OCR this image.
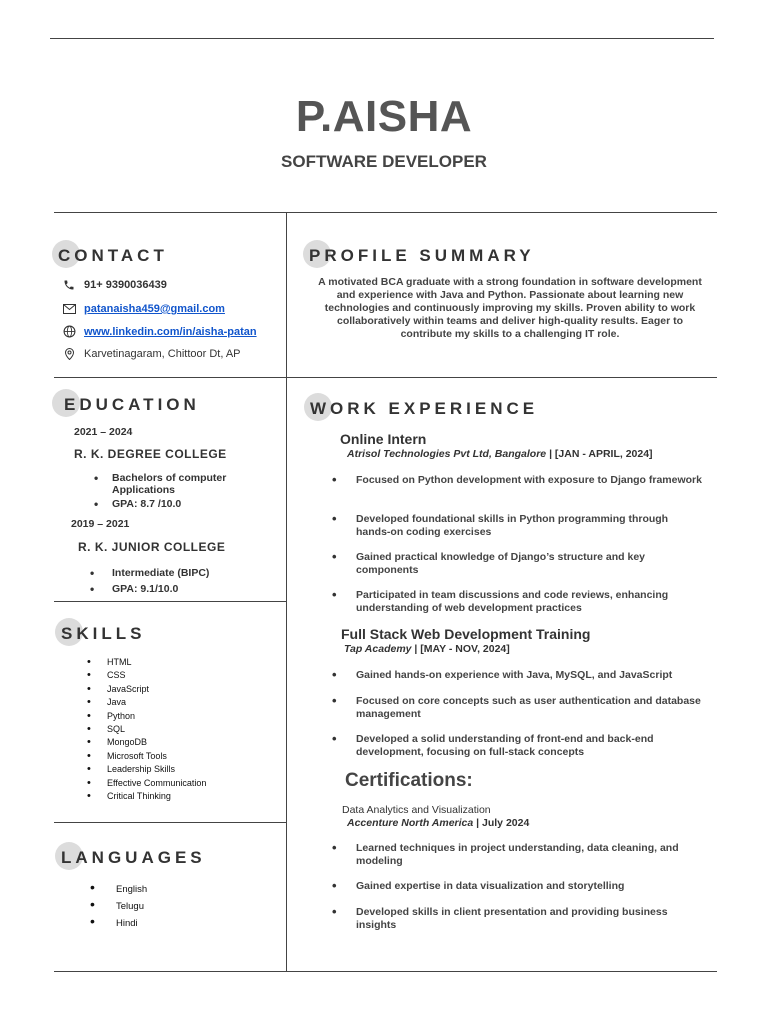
P.AISHA
SOFTWARE DEVELOPER
CONTACT
91+ 9390036439
patanaisha459@gmail.com
www.linkedin.com/in/aisha-patan
Karvetinagaram, Chittoor Dt, AP
PROFILE SUMMARY
A motivated BCA graduate with a strong foundation in software development and experience with Java and Python. Passionate about learning new technologies and continuously improving my skills. Proven ability to work collaboratively within teams and deliver high-quality results. Eager to contribute my skills to a challenging IT role.
EDUCATION
2021 – 2024
R. K. DEGREE COLLEGE
• Bachelors of computer Applications
• GPA: 8.7 /10.0
2019 – 2021
R. K. JUNIOR COLLEGE
• Intermediate (BIPC)
• GPA: 9.1/10.0
SKILLS
• HTML
• CSS
• JavaScript
• Java
• Python
• SQL
• MongoDB
• Microsoft Tools
• Leadership Skills
• Effective Communication
• Critical Thinking
LANGUAGES
• English
• Telugu
• Hindi
WORK EXPERIENCE
Online Intern
Atrisol Technologies Pvt Ltd, Bangalore | [JAN - APRIL, 2024]
• Focused on Python development with exposure to Django framework
• Developed foundational skills in Python programming through hands-on coding exercises
• Gained practical knowledge of Django’s structure and key components
• Participated in team discussions and code reviews, enhancing understanding of web development practices
Full Stack Web Development Training
Tap Academy | [MAY - NOV, 2024]
• Gained hands-on experience with Java, MySQL, and JavaScript
• Focused on core concepts such as user authentication and database management
• Developed a solid understanding of front-end and back-end development, focusing on full-stack concepts
Certifications:
Data Analytics and Visualization
Accenture North America | July 2024
• Learned techniques in project understanding, data cleaning, and modeling
• Gained expertise in data visualization and storytelling
• Developed skills in client presentation and providing business insights
